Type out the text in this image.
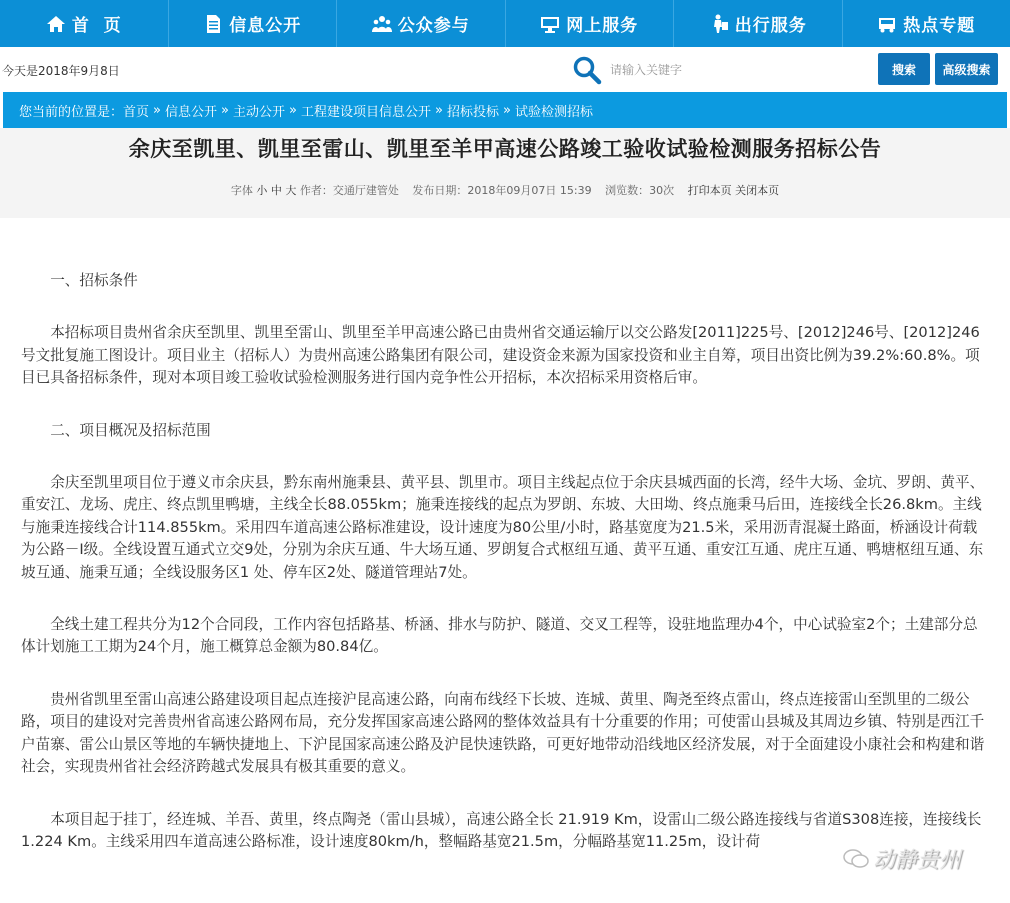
首  页	信息公开	公众参与	网上服务	出行服务	热点专题
今天是2018年9月8日
请输入关键字	搜索	高级搜索
您当前的位置是： 首页 » 信息公开 » 主动公开 » 工程建设项目信息公开 » 招标投标 » 试验检测招标
余庆至凯里、凯里至雷山、凯里至羊甲高速公路竣工验收试验检测服务招标公告
字体 小 中 大 作者：交通厅建管处 发布日期：2018年09月07日 15:39 浏览数：30次 打印本页 关闭本页

一、招标条件

本招标项目贵州省余庆至凯里、凯里至雷山、凯里至羊甲高速公路已由贵州省交通运输厅以交公路发[2011]225号、[2012]246号、[2012]246号文批复施工图设计。项目业主（招标人）为贵州高速公路集团有限公司，建设资金来源为国家投资和业主自筹，项目出资比例为39.2%:60.8%。项目已具备招标条件，现对本项目竣工验收试验检测服务进行国内竞争性公开招标，本次招标采用资格后审。

二、项目概况及招标范围

余庆至凯里项目位于遵义市余庆县，黔东南州施秉县、黄平县、凯里市。项目主线起点位于余庆县城西面的长湾，经牛大场、金坑、罗朗、黄平、重安江、龙场、虎庄、终点凯里鸭塘，主线全长88.055km；施秉连接线的起点为罗朗、东坡、大田坳、终点施秉马后田，连接线全长26.8km。主线与施秉连接线合计114.855km。采用四车道高速公路标准建设，设计速度为80公里/小时，路基宽度为21.5米，采用沥青混凝土路面，桥涵设计荷载为公路－Ⅰ级。全线设置互通式立交9处，分别为余庆互通、牛大场互通、罗朗复合式枢纽互通、黄平互通、重安江互通、虎庄互通、鸭塘枢纽互通、东坡互通、施秉互通；全线设服务区1 处、停车区2处、隧道管理站7处。

全线土建工程共分为12个合同段，工作内容包括路基、桥涵、排水与防护、隧道、交叉工程等，设驻地监理办4个，中心试验室2个；土建部分总体计划施工工期为24个月，施工概算总金额为80.84亿。

贵州省凯里至雷山高速公路建设项目起点连接沪昆高速公路，向南布线经下长坡、连城、黄里、陶尧至终点雷山，终点连接雷山至凯里的二级公路，项目的建设对完善贵州省高速公路网布局，充分发挥国家高速公路网的整体效益具有十分重要的作用；可使雷山县城及其周边乡镇、特别是西江千户苗寨、雷公山景区等地的车辆快捷地上、下沪昆国家高速公路及沪昆快速铁路，可更好地带动沿线地区经济发展，对于全面建设小康社会和构建和谐社会，实现贵州省社会经济跨越式发展具有极其重要的意义。

本项目起于挂丁，经连城、羊吾、黄里，终点陶尧（雷山县城），高速公路全长 21.919 Km，设雷山二级公路连接线与省道S308连接，连接线长 1.224 Km。主线采用四车道高速公路标准，设计速度80km/h，整幅路基宽21.5m，分幅路基宽11.25m，设计荷

动静贵州
